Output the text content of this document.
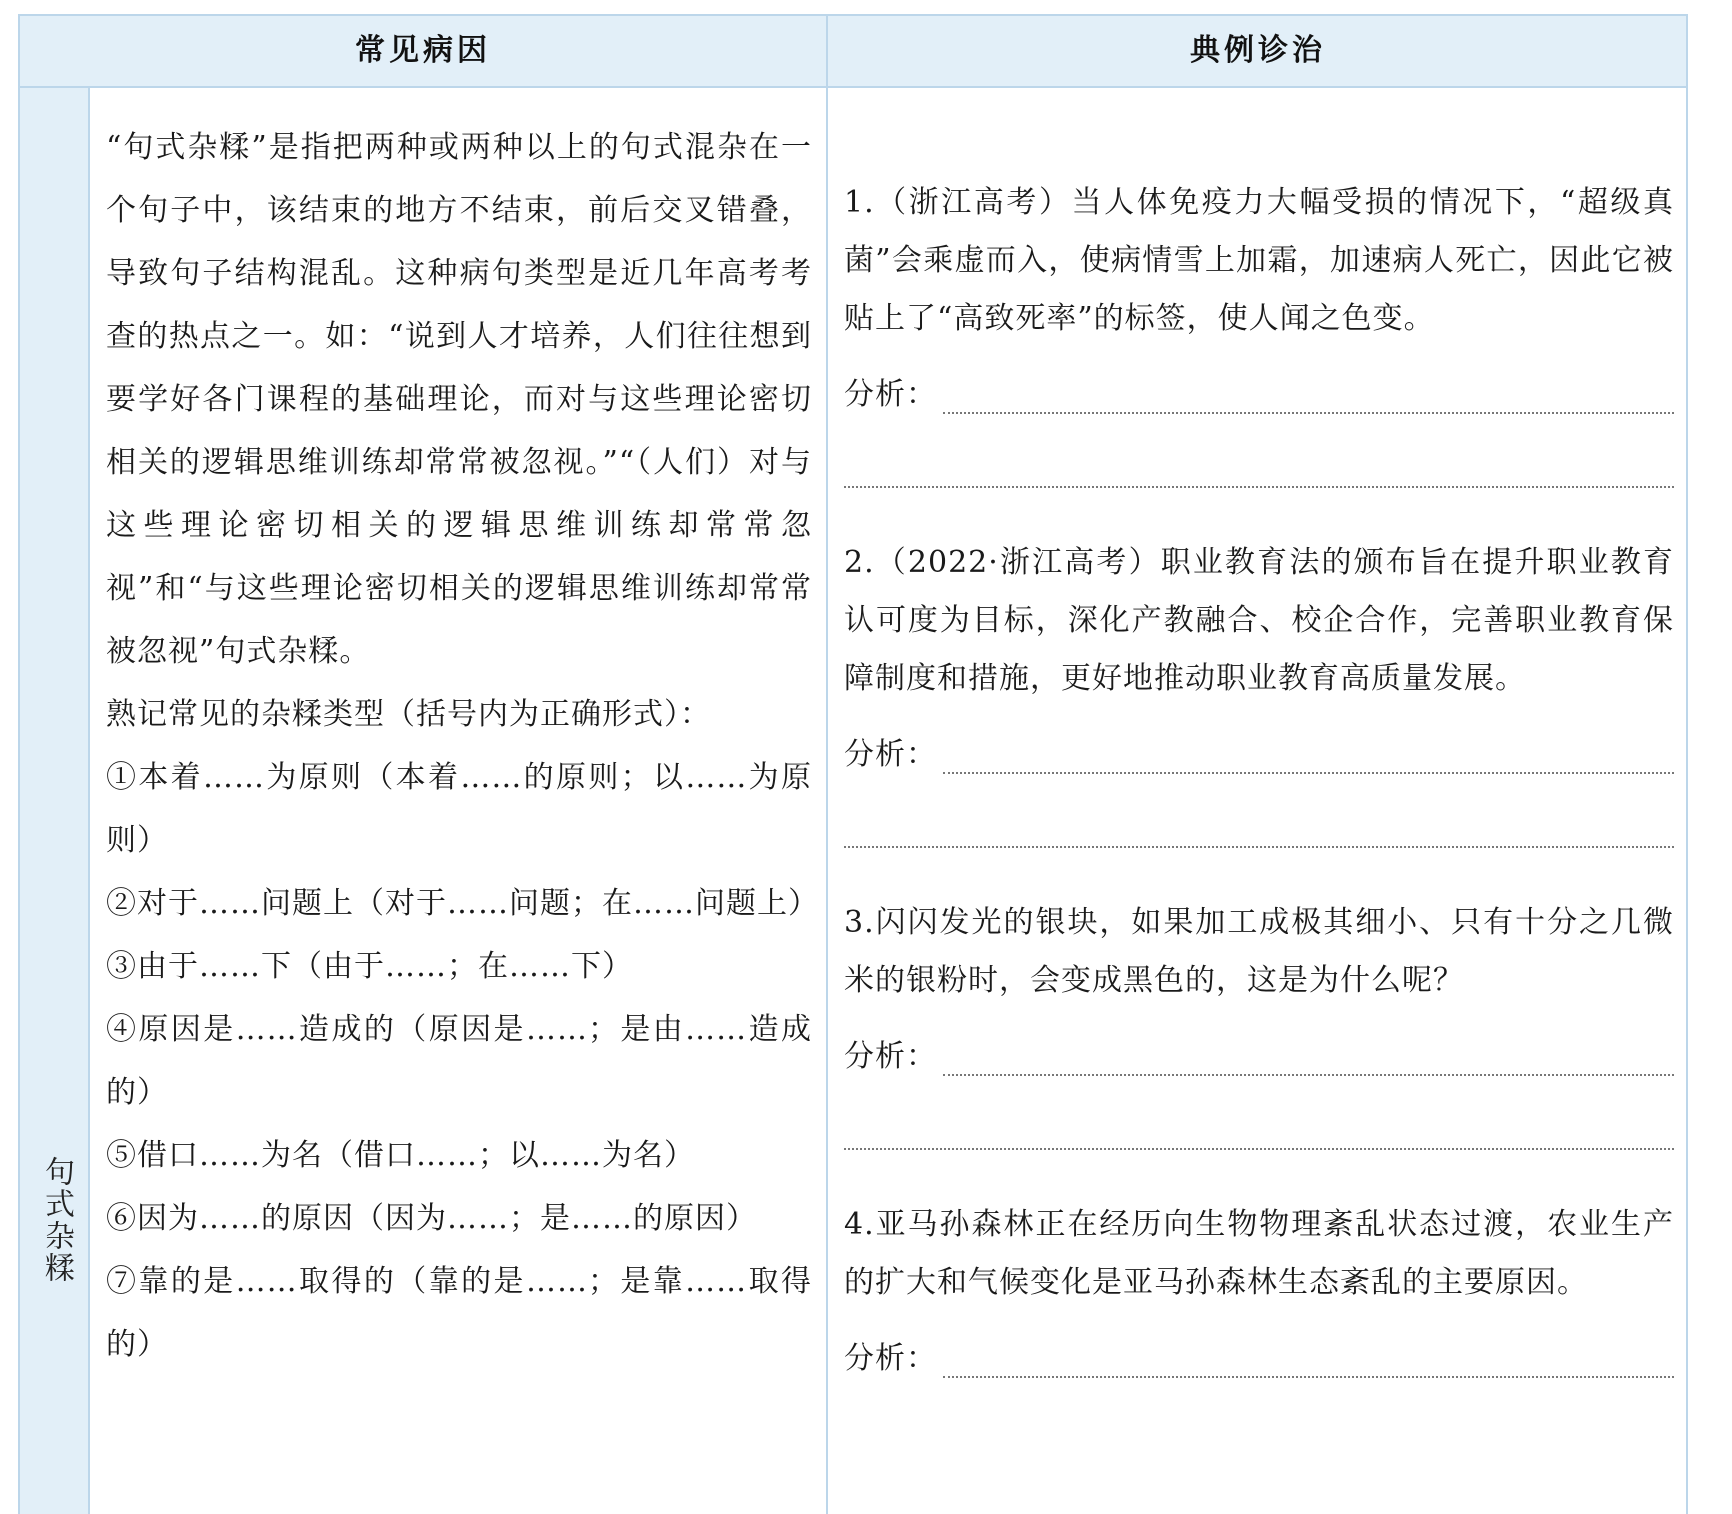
常见病因	典例诊治
句式杂糅

“句式杂糅”是指把两种或两种以上的句式混杂在一个句子中，该结束的地方不结束，前后交叉错叠，导致句子结构混乱。这种病句类型是近几年高考考查的热点之一。如：“说到人才培养，人们往往想到要学好各门课程的基础理论，而对与这些理论密切相关的逻辑思维训练却常常被忽视。”“（人们）对与这些理论密切相关的逻辑思维训练却常常忽视”和“与这些理论密切相关的逻辑思维训练却常常被忽视”句式杂糅。

熟记常见的杂糅类型（括号内为正确形式）：

①本着……为原则（本着……的原则；以……为原则）

②对于……问题上（对于……问题；在……问题上）

③由于……下（由于……；在……下）

④原因是……造成的（原因是……；是由……造成的）

⑤借口……为名（借口……；以……为名）

⑥因为……的原因（因为……；是……的原因）

⑦靠的是……取得的（靠的是……；是靠……取得的）

1.（浙江高考）当人体免疫力大幅受损的情况下，“超级真菌”会乘虚而入，使病情雪上加霜，加速病人死亡，因此它被贴上了“高致死率”的标签，使人闻之色变。

分析：

2.（2022·浙江高考）职业教育法的颁布旨在提升职业教育认可度为目标，深化产教融合、校企合作，完善职业教育保障制度和措施，更好地推动职业教育高质量发展。

分析：

3.闪闪发光的银块，如果加工成极其细小、只有十分之几微米的银粉时，会变成黑色的，这是为什么呢？

分析：

4.亚马孙森林正在经历向生物物理紊乱状态过渡，农业生产的扩大和气候变化是亚马孙森林生态紊乱的主要原因。

分析：
